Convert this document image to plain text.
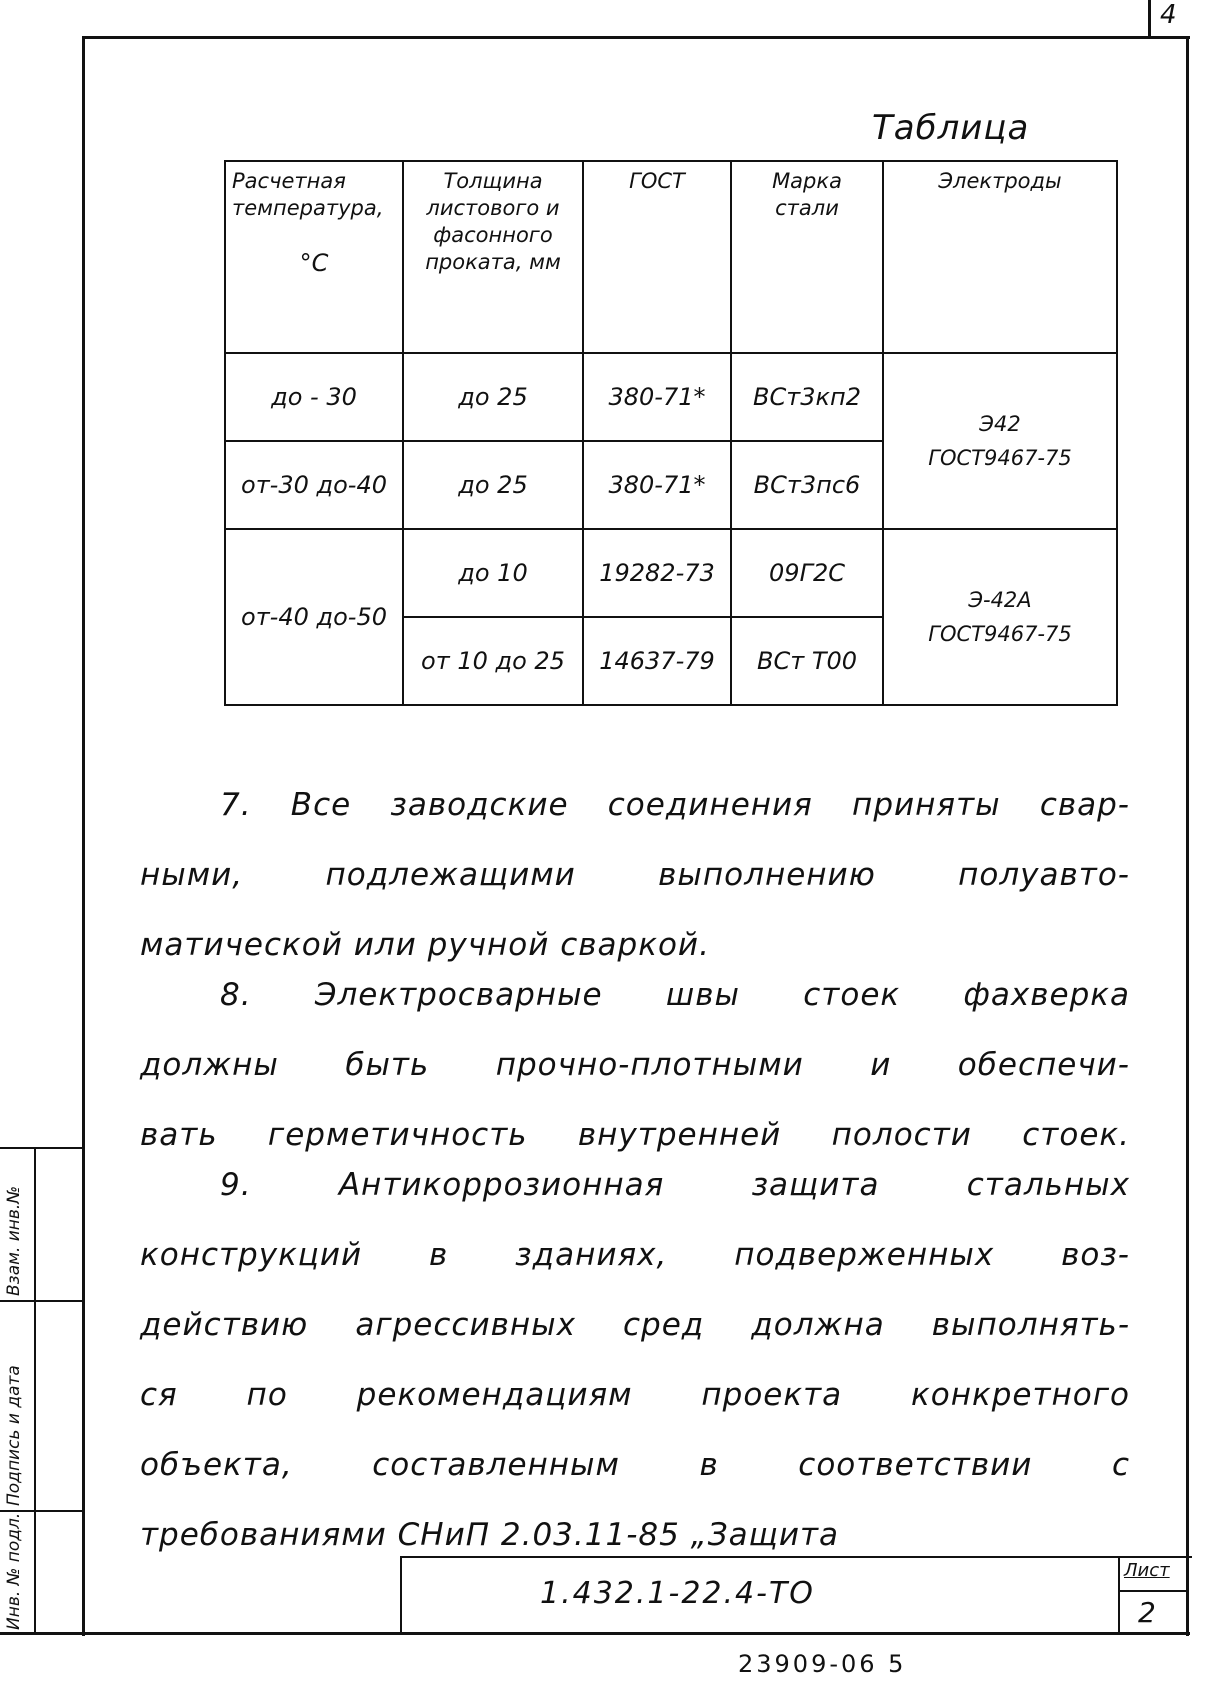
4
Таблица
Расчетная температура,
°C	Толщина листового и фасонного проката, мм	ГОСТ	Марка стали	Электроды
до - 30	до 25	380-71*	ВСт3кп2	Э42
ГОСТ9467-75
от-30 до-40	до 25	380-71*	ВСт3пс6	
от-40 до-50	до 10	19282-73	09Г2С	Э-42А
ГОСТ9467-75
	от 10 до 25	14637-79	ВСт Т00	
7. Все заводские соединения приняты свар-
ными, подлежащими выполнению полуавто-
матической или ручной сваркой.
8. Электросварные швы стоек фахверка
должны быть прочно-плотными и обеспечи-
вать герметичность внутренней полости стоек.
9. Антикоррозионная защита стальных
конструкций в зданиях, подверженных воз-
действию агрессивных сред должна выполнять-
ся по рекомендациям проекта конкретного
объекта, составленным в соответствии с
требованиями СНиП 2.03.11-85 „Защита
Взам. инв.№
Подпись и дата
Инв. № подл.	1.432.1-22.4-ТО
Лист
2
23909-06 5
